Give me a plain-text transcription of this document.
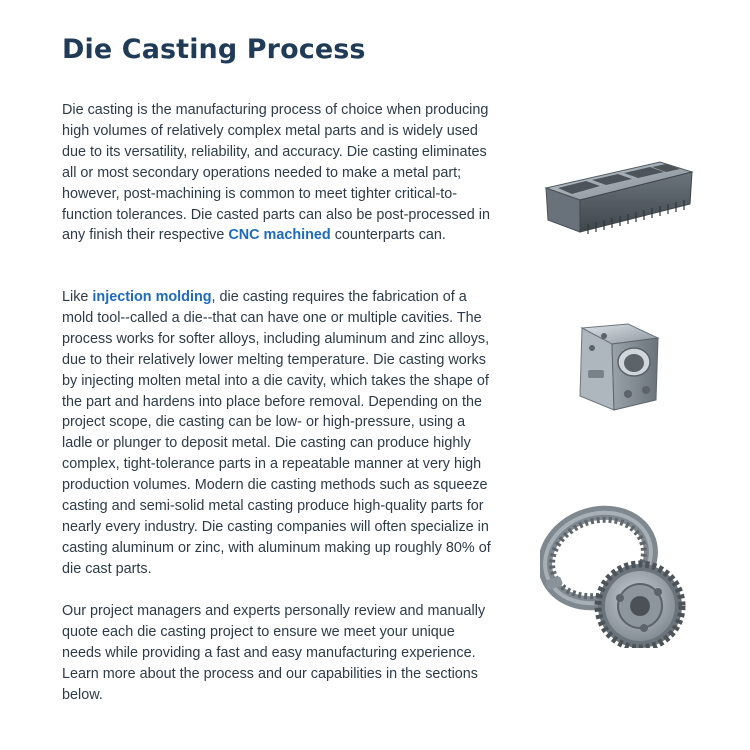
Die Casting Process

Die casting is the manufacturing process of choice when producing high volumes of relatively complex metal parts and is widely used due to its versatility, reliability, and accuracy. Die casting eliminates all or most secondary operations needed to make a metal part; however, post-machining is common to meet tighter critical-to-function tolerances. Die casted parts can also be post-processed in any finish their respective CNC machined counterparts can.

Like injection molding, die casting requires the fabrication of a mold tool--called a die--that can have one or multiple cavities. The process works for softer alloys, including aluminum and zinc alloys, due to their relatively lower melting temperature. Die casting works by injecting molten metal into a die cavity, which takes the shape of the part and hardens into place before removal. Depending on the project scope, die casting can be low- or high-pressure, using a ladle or plunger to deposit metal. Die casting can produce highly complex, tight-tolerance parts in a repeatable manner at very high production volumes. Modern die casting methods such as squeeze casting and semi-solid metal casting produce high-quality parts for nearly every industry. Die casting companies will often specialize in casting aluminum or zinc, with aluminum making up roughly 80% of die cast parts.

Our project managers and experts personally review and manually quote each die casting project to ensure we meet your unique needs while providing a fast and easy manufacturing experience. Learn more about the process and our capabilities in the sections below.
